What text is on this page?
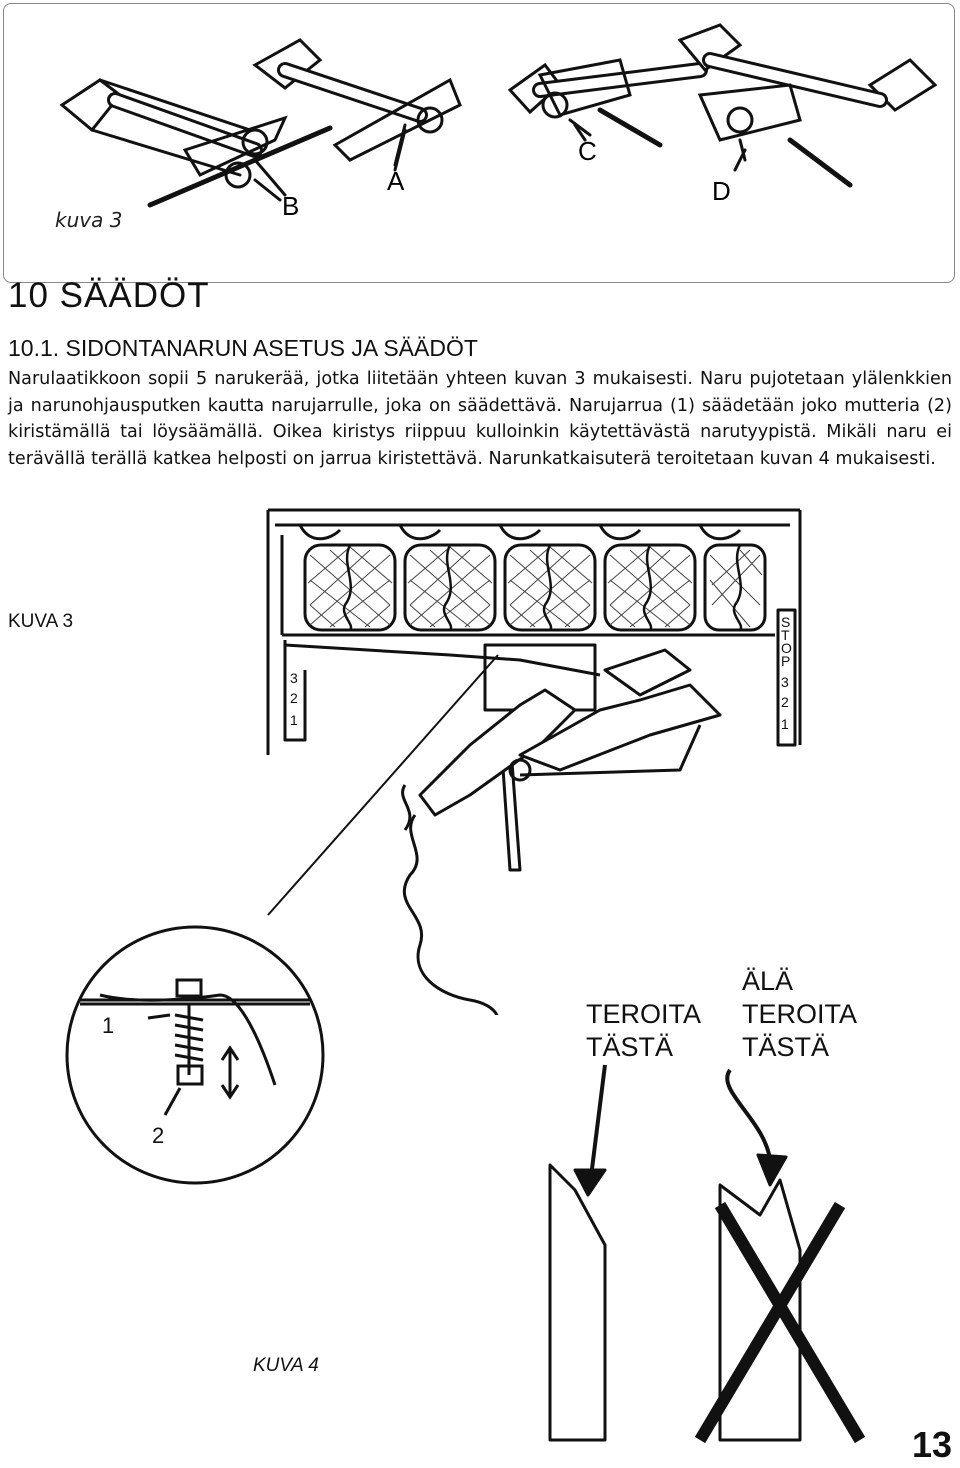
B
A
C
D
kuva 3
10 SÄÄDÖT
10.1. SIDONTANARUN ASETUS JA SÄÄDÖT
Narulaatikkoon sopii 5 narukerää, jotka liitetään yhteen kuvan 3 mukaisesti. Naru pujotetaan ylälenkkien ja narunohjausputken kautta narujarrulle, joka on säädettävä. Narujarrua (1) säädetään joko mutteria (2) kiristämällä tai löysäämällä. Oikea kiristys riippuu kulloinkin käytettävästä narutyypistä. Mikäli naru ei terävällä terällä katkea helposti on jarrua kiristettävä. Narunkatkaisuterä teroitetaan kuvan 4 mukaisesti.
KUVA 3
3
2
1
S
T
O
P
3
2
1
1
2
TEROITA
TÄSTÄ
ÄLÄ
TEROITA
TÄSTÄ
KUVA 4
13
